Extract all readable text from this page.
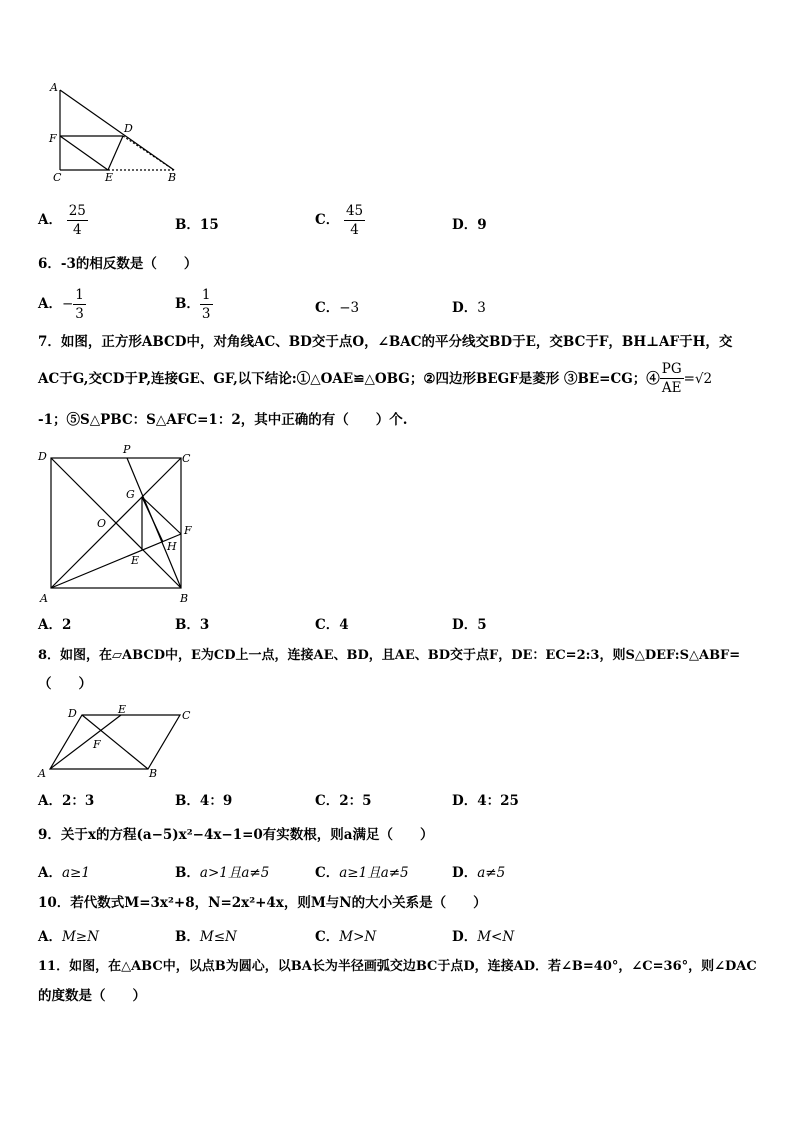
A
F
D
C	E	B
A． $\frac{25}{4}$	B．15	C． $\frac{45}{4}$	D．9
6．-3的相反数是（　　）
A．− $\frac{1}{3}$	B． $\frac{1}{3}$	C．−3	D．3
7．如图，正方形ABCD中，对角线AC、BD交于点O，∠BAC的平分线交BD于E，交BC于F，BH⊥AF于H，交
AC于G,交CD于P,连接GE、GF,以下结论:①△OAE≌△OBG；②四边形BEGF是菱形 ③BE=CG；④ $\frac{PG}{AE} =√2$
-1；⑤S△PBC：S△AFC=1：2，其中正确的有（　　）个.
D
P
C
G
O
F
H
E
A	B
A．2	B．3	C．4	D．5
8．如图，在▱ABCD中，E为CD上一点，连接AE、BD，且AE、BD交于点F，DE：EC=2:3，则S△DEF:S△ABF=
（　　）
D	E	C
F
A	B
A．2：3	B．4：9	C．2：5	D．4：25
9．关于x的方程(a−5)x²−4x−1=0有实数根，则a满足（　　）
A．a≥1	B．a>1且a≠5	C．a≥1且a≠5	D．a≠5
10．若代数式M=3x²+8，N=2x²+4x，则M与N的大小关系是（　　）
A．M≥N	B．M≤N	C．M>N	D．M<N
11．如图，在△ABC中，以点B为圆心，以BA长为半径画弧交边BC于点D，连接AD．若∠B=40°，∠C=36°，则∠DAC
的度数是（　　）
